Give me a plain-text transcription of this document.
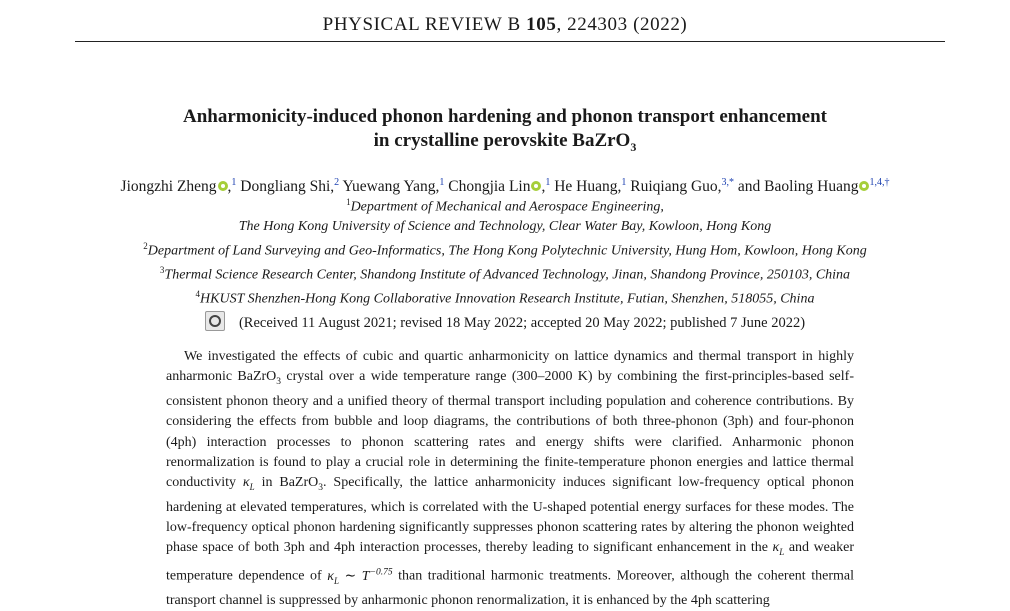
PHYSICAL REVIEW B 105, 224303 (2022)
Anharmonicity-induced phonon hardening and phonon transport enhancement
in crystalline perovskite BaZrO$_3$
Jiongzhi Zheng ,$^1$ Dongliang Shi,$^2$ Yuewang Yang,$^1$ Chongjia Lin ,$^1$ He Huang,$^1$ Ruiqiang Guo,$^{3,*}$ and Baoling Huang $^{1,4,\dagger}$
$^1$Department of Mechanical and Aerospace Engineering,
The Hong Kong University of Science and Technology, Clear Water Bay, Kowloon, Hong Kong
$^2$Department of Land Surveying and Geo-Informatics, The Hong Kong Polytechnic University, Hung Hom, Kowloon, Hong Kong
$^3$Thermal Science Research Center, Shandong Institute of Advanced Technology, Jinan, Shandong Province, 250103, China
$^4$HKUST Shenzhen-Hong Kong Collaborative Innovation Research Institute, Futian, Shenzhen, 518055, China
(Received 11 August 2021; revised 18 May 2022; accepted 20 May 2022; published 7 June 2022)

We investigated the effects of cubic and quartic anharmonicity on lattice dynamics and thermal transport in highly anharmonic BaZrO$_3$ crystal over a wide temperature range (300–2000 K) by combining the first-principles-based self-consistent phonon theory and a unified theory of thermal transport including population and coherence contributions. By considering the effects from bubble and loop diagrams, the contributions of both three-phonon (3ph) and four-phonon (4ph) interaction processes to phonon scattering rates and energy shifts were clarified. Anharmonic phonon renormalization is found to play a crucial role in determining the finite-temperature phonon energies and lattice thermal conductivity $\kappa_L$ in BaZrO$_3$. Specifically, the lattice anharmonicity induces significant low-frequency optical phonon hardening at elevated temperatures, which is correlated with the U-shaped potential energy surfaces for these modes. The low-frequency optical phonon hardening significantly suppresses phonon scattering rates by altering the phonon weighted phase space of both 3ph and 4ph interaction processes, thereby leading to significant enhancement in the $\kappa_L$ and weaker temperature dependence of $\kappa_L$ ∼ $T^{-0.75}$ than traditional harmonic treatments. Moreover, although the coherent thermal transport channel is suppressed by anharmonic phonon renormalization, it is enhanced by the 4ph scattering
